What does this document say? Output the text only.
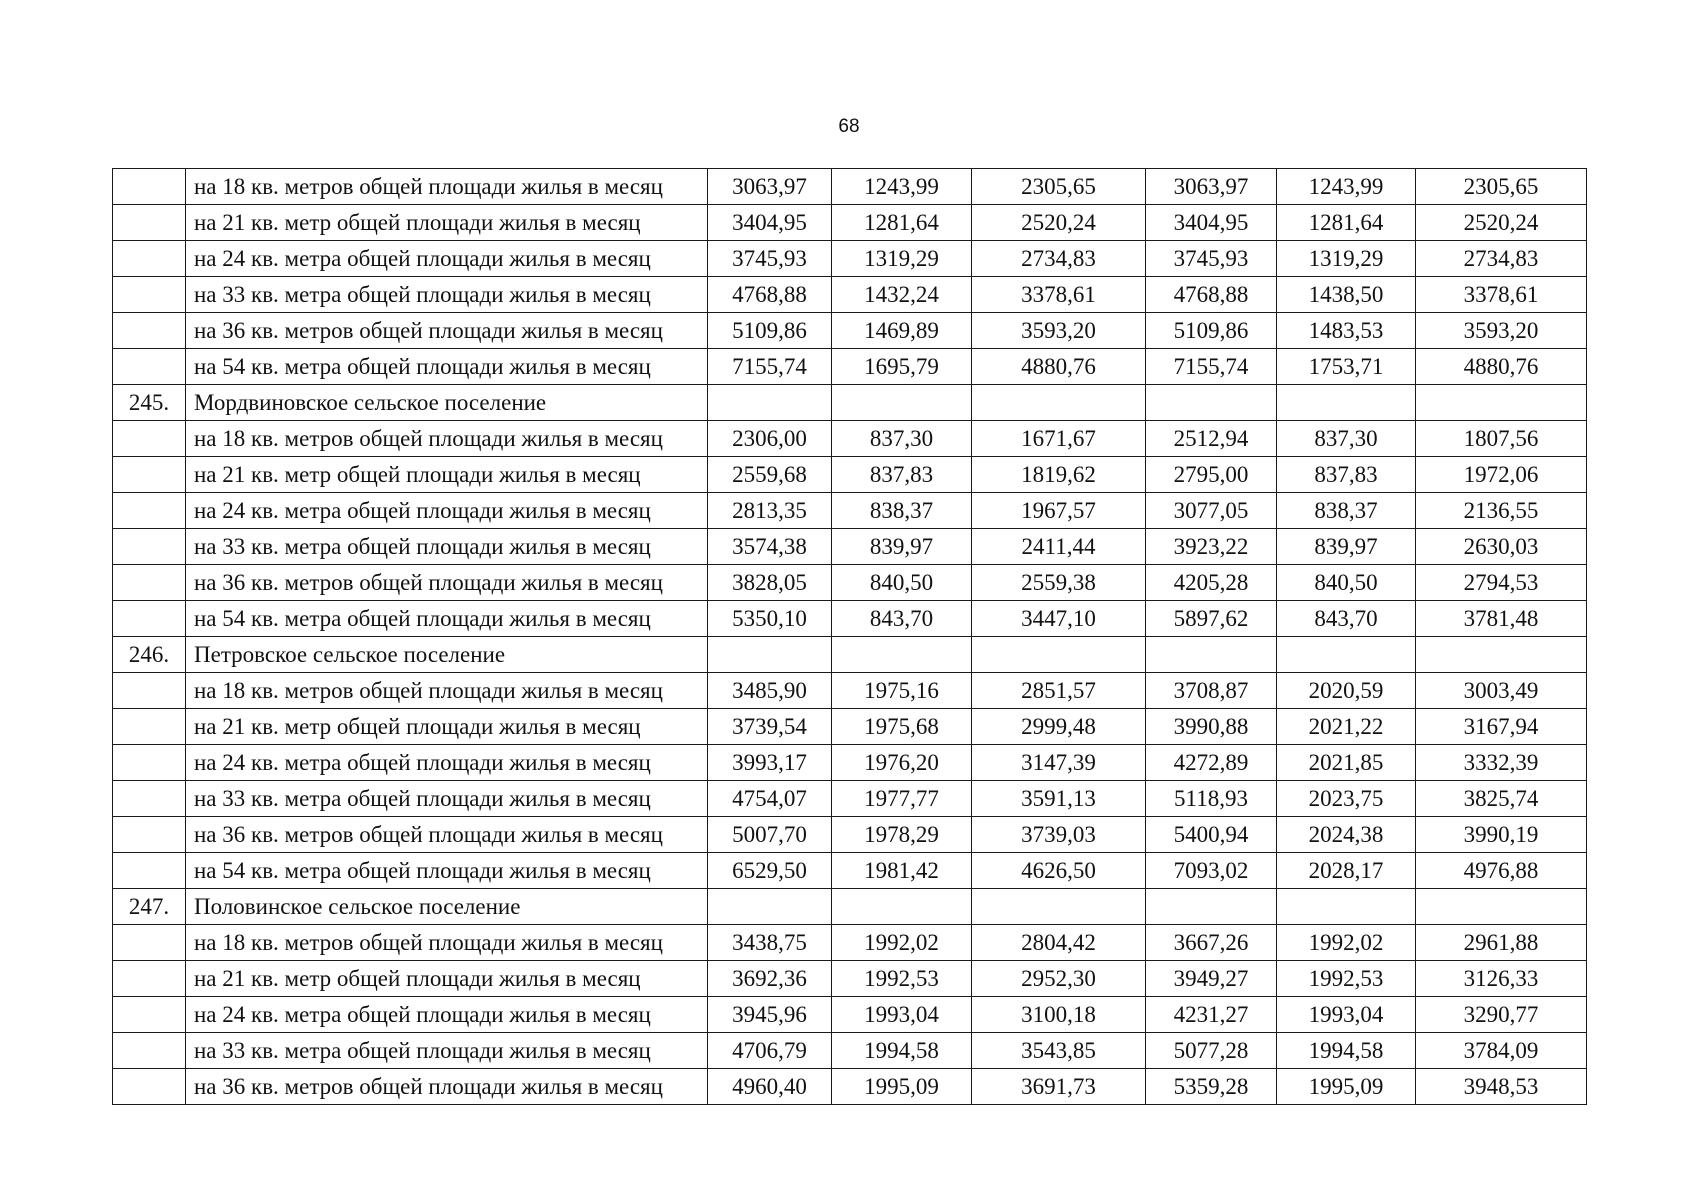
68
	на 18 кв. метров общей площади жилья в месяц	3063,97	1243,99	2305,65	3063,97	1243,99	2305,65
	на 21 кв. метр общей площади жилья в месяц	3404,95	1281,64	2520,24	3404,95	1281,64	2520,24
	на 24 кв. метра общей площади жилья в месяц	3745,93	1319,29	2734,83	3745,93	1319,29	2734,83
	на 33 кв. метра общей площади жилья в месяц	4768,88	1432,24	3378,61	4768,88	1438,50	3378,61
	на 36 кв. метров общей площади жилья в месяц	5109,86	1469,89	3593,20	5109,86	1483,53	3593,20
	на 54 кв. метра общей площади жилья в месяц	7155,74	1695,79	4880,76	7155,74	1753,71	4880,76
245.	Мордвиновское сельское поселение						
	на 18 кв. метров общей площади жилья в месяц	2306,00	837,30	1671,67	2512,94	837,30	1807,56
	на 21 кв. метр общей площади жилья в месяц	2559,68	837,83	1819,62	2795,00	837,83	1972,06
	на 24 кв. метра общей площади жилья в месяц	2813,35	838,37	1967,57	3077,05	838,37	2136,55
	на 33 кв. метра общей площади жилья в месяц	3574,38	839,97	2411,44	3923,22	839,97	2630,03
	на 36 кв. метров общей площади жилья в месяц	3828,05	840,50	2559,38	4205,28	840,50	2794,53
	на 54 кв. метра общей площади жилья в месяц	5350,10	843,70	3447,10	5897,62	843,70	3781,48
246.	Петровское сельское поселение						
	на 18 кв. метров общей площади жилья в месяц	3485,90	1975,16	2851,57	3708,87	2020,59	3003,49
	на 21 кв. метр общей площади жилья в месяц	3739,54	1975,68	2999,48	3990,88	2021,22	3167,94
	на 24 кв. метра общей площади жилья в месяц	3993,17	1976,20	3147,39	4272,89	2021,85	3332,39
	на 33 кв. метра общей площади жилья в месяц	4754,07	1977,77	3591,13	5118,93	2023,75	3825,74
	на 36 кв. метров общей площади жилья в месяц	5007,70	1978,29	3739,03	5400,94	2024,38	3990,19
	на 54 кв. метра общей площади жилья в месяц	6529,50	1981,42	4626,50	7093,02	2028,17	4976,88
247.	Половинское сельское поселение						
	на 18 кв. метров общей площади жилья в месяц	3438,75	1992,02	2804,42	3667,26	1992,02	2961,88
	на 21 кв. метр общей площади жилья в месяц	3692,36	1992,53	2952,30	3949,27	1992,53	3126,33
	на 24 кв. метра общей площади жилья в месяц	3945,96	1993,04	3100,18	4231,27	1993,04	3290,77
	на 33 кв. метра общей площади жилья в месяц	4706,79	1994,58	3543,85	5077,28	1994,58	3784,09
	на 36 кв. метров общей площади жилья в месяц	4960,40	1995,09	3691,73	5359,28	1995,09	3948,53
